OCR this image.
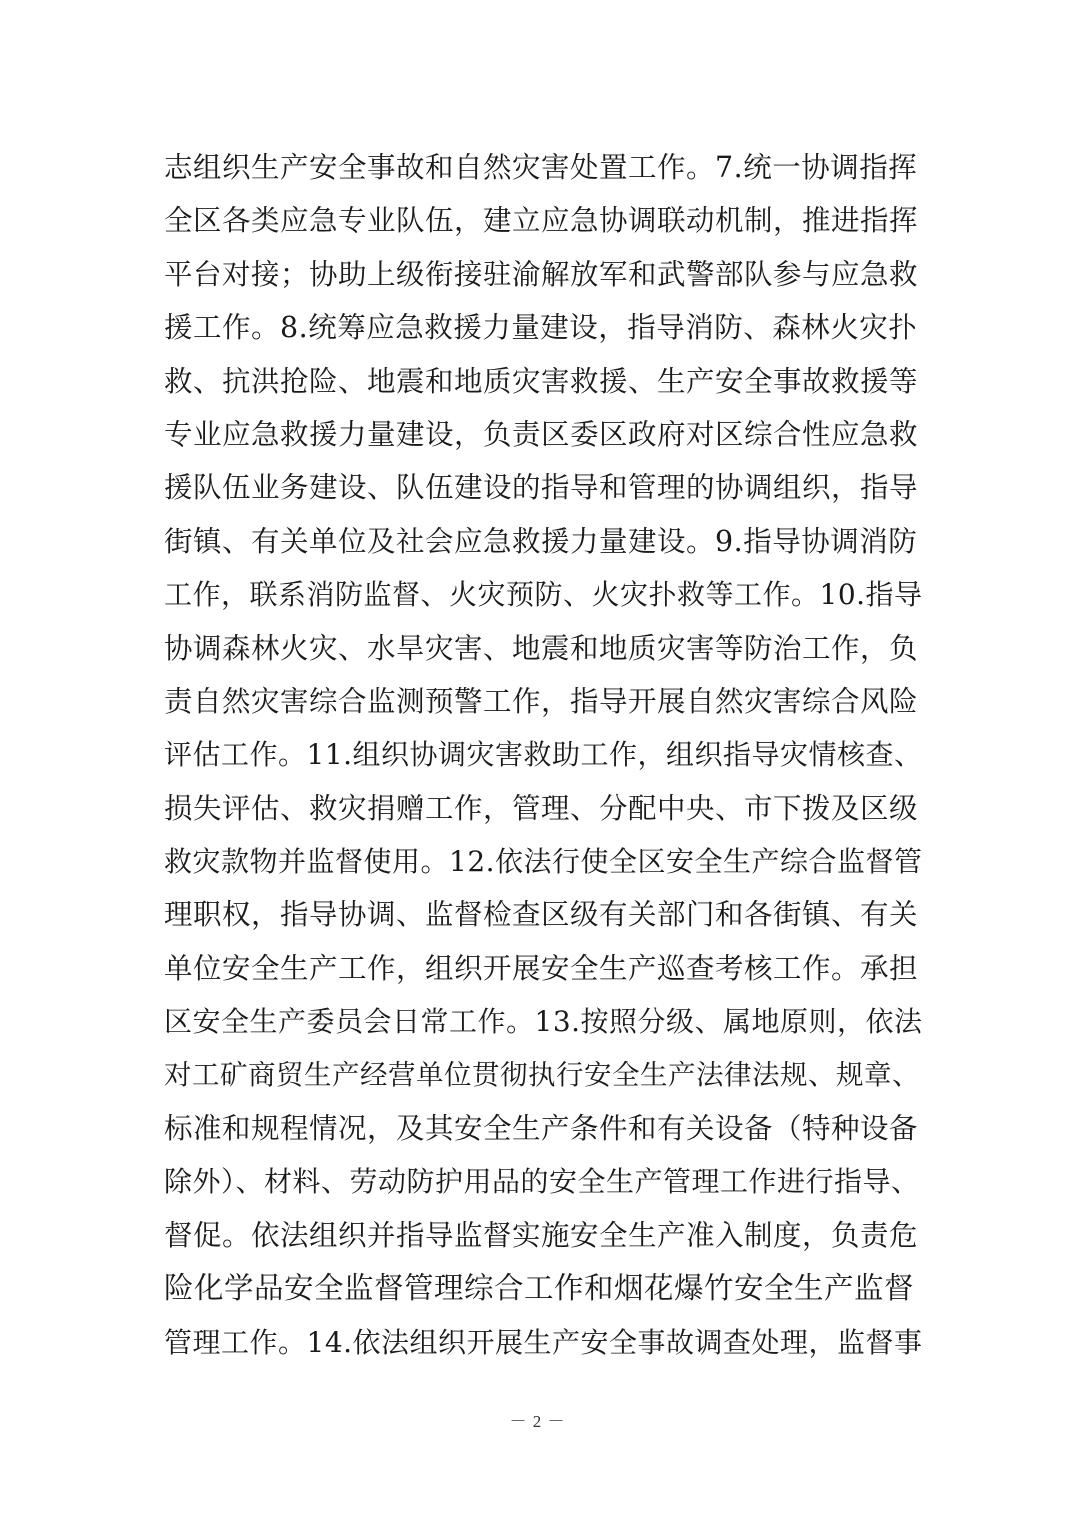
志组织生产安全事故和自然灾害处置工作。7.统一协调指挥
全区各类应急专业队伍，建立应急协调联动机制，推进指挥
平台对接；协助上级衔接驻渝解放军和武警部队参与应急救
援工作。8.统筹应急救援力量建设，指导消防、森林火灾扑
救、抗洪抢险、地震和地质灾害救援、生产安全事故救援等
专业应急救援力量建设，负责区委区政府对区综合性应急救
援队伍业务建设、队伍建设的指导和管理的协调组织，指导
街镇、有关单位及社会应急救援力量建设。9.指导协调消防
工作，联系消防监督、火灾预防、火灾扑救等工作。10.指导
协调森林火灾、水旱灾害、地震和地质灾害等防治工作，负
责自然灾害综合监测预警工作，指导开展自然灾害综合风险
评估工作。11.组织协调灾害救助工作，组织指导灾情核查、
损失评估、救灾捐赠工作，管理、分配中央、市下拨及区级
救灾款物并监督使用。12.依法行使全区安全生产综合监督管
理职权，指导协调、监督检查区级有关部门和各街镇、有关
单位安全生产工作，组织开展安全生产巡查考核工作。承担
区安全生产委员会日常工作。13.按照分级、属地原则，依法
对工矿商贸生产经营单位贯彻执行安全生产法律法规、规章、
标准和规程情况，及其安全生产条件和有关设备（特种设备
除外）、材料、劳动防护用品的安全生产管理工作进行指导、
督促。依法组织并指导监督实施安全生产准入制度，负责危
险化学品安全监督管理综合工作和烟花爆竹安全生产监督
管理工作。14.依法组织开展生产安全事故调查处理，监督事
－ 2 －
